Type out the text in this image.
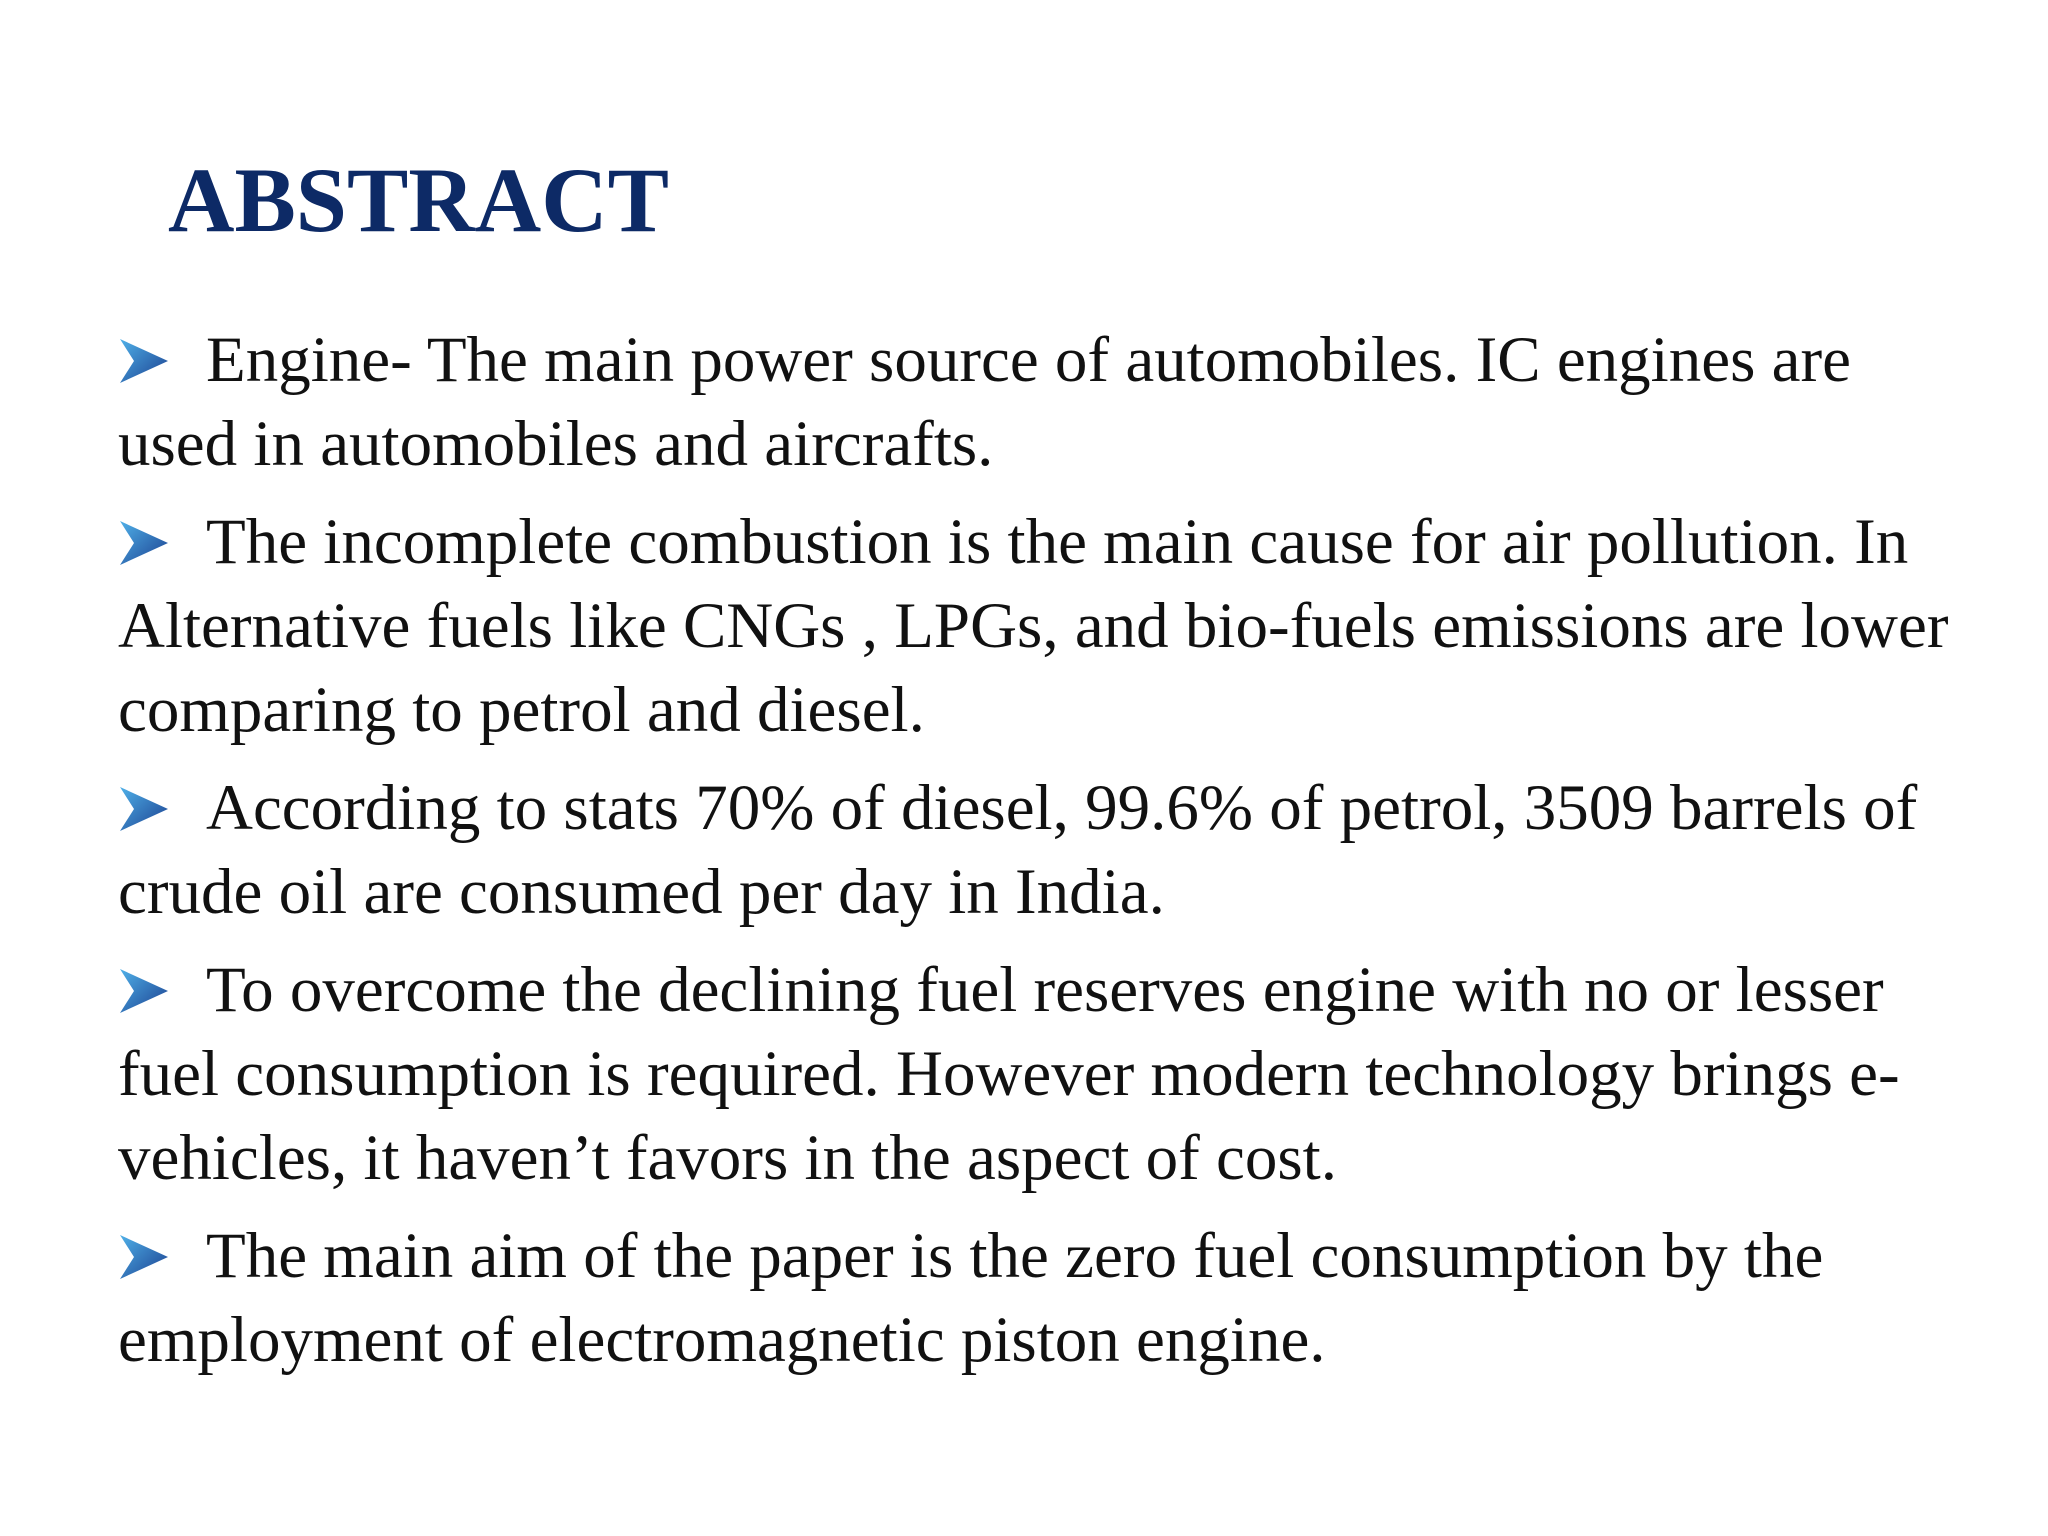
ABSTRACT
Engine- The main power source of automobiles. IC engines are used in automobiles and aircrafts.
The incomplete combustion is the main cause for air pollution. In Alternative fuels like CNGs , LPGs, and bio-fuels emissions are lower comparing to petrol and diesel.
According to stats 70% of diesel, 99.6% of petrol, 3509 barrels of crude oil are consumed per day in India.
To overcome the declining fuel reserves engine with no or lesser fuel consumption is required. However modern technology brings e-vehicles, it haven’t favors in the aspect of cost.
The main aim of the paper is the zero fuel consumption by the employment of electromagnetic piston engine.
